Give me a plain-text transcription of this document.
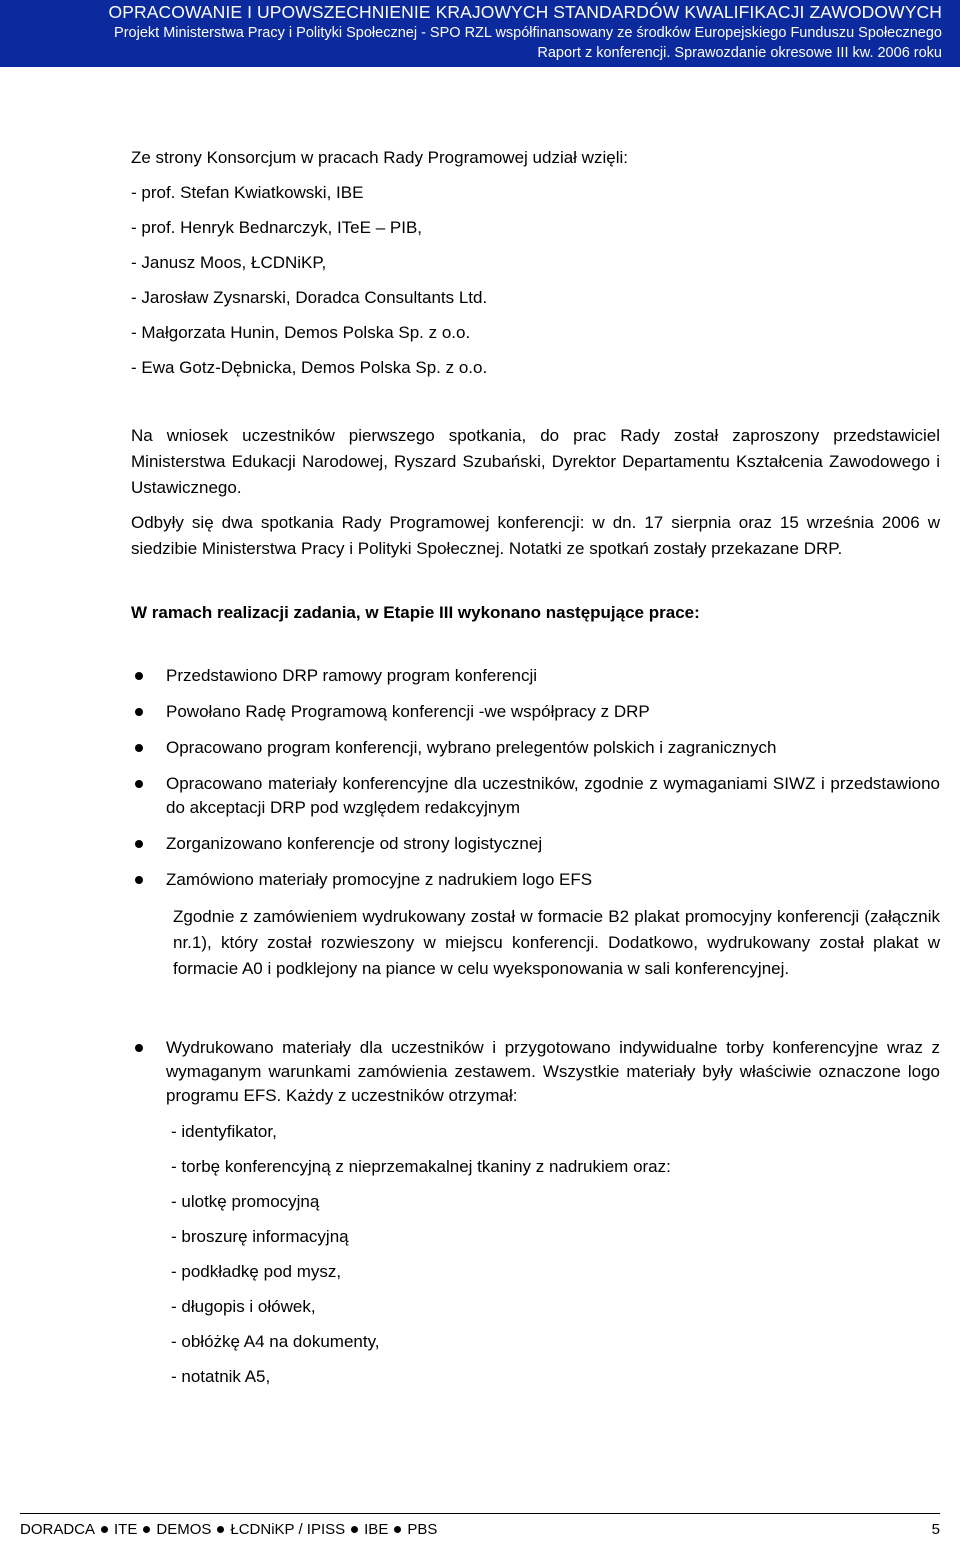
OPRACOWANIE I UPOWSZECHNIENIE KRAJOWYCH STANDARDÓW KWALIFIKACJI ZAWODOWYCH
Projekt Ministerstwa Pracy i Polityki Społecznej - SPO RZL współfinansowany ze środków Europejskiego Funduszu Społecznego
Raport z konferencji. Sprawozdanie okresowe III kw. 2006 roku

Ze strony Konsorcjum w pracach Rady Programowej udział wzięli:

- prof. Stefan Kwiatkowski, IBE
- prof. Henryk Bednarczyk, ITeE – PIB,
- Janusz Moos, ŁCDNiKP,
- Jarosław Zysnarski, Doradca Consultants Ltd.
- Małgorzata Hunin, Demos Polska Sp. z o.o.
- Ewa Gotz-Dębnicka, Demos Polska Sp. z o.o.

Na wniosek uczestników pierwszego spotkania, do prac Rady został zaproszony przedstawiciel Ministerstwa Edukacji Narodowej, Ryszard Szubański, Dyrektor Departamentu Kształcenia Zawodowego i Ustawicznego.

Odbyły się dwa spotkania Rady Programowej konferencji: w dn. 17 sierpnia oraz 15 września 2006 w siedzibie Ministerstwa Pracy i Polityki Społecznej. Notatki ze spotkań zostały przekazane DRP.

W ramach realizacji zadania, w Etapie III wykonano następujące prace:

Przedstawiono DRP ramowy program konferencji
Powołano Radę Programową konferencji -we współpracy z DRP
Opracowano program konferencji, wybrano prelegentów polskich i zagranicznych
Opracowano materiały konferencyjne dla uczestników, zgodnie z wymaganiami SIWZ i przedstawiono do akceptacji DRP pod względem redakcyjnym
Zorganizowano konferencje od strony logistycznej
Zamówiono materiały promocyjne z nadrukiem logo EFS

Zgodnie z zamówieniem wydrukowany został w formacie B2 plakat promocyjny konferencji (załącznik nr.1), który został rozwieszony w miejscu konferencji. Dodatkowo, wydrukowany został plakat w formacie A0 i podklejony na piance w celu wyeksponowania w sali konferencyjnej.

Wydrukowano materiały dla uczestników i przygotowano indywidualne torby konferencyjne wraz z wymaganym warunkami zamówienia zestawem. Wszystkie materiały były właściwie oznaczone logo programu EFS. Każdy z uczestników otrzymał:
- identyfikator,
- torbę konferencyjną z nieprzemakalnej tkaniny z nadrukiem oraz:
- ulotkę promocyjną
- broszurę informacyjną
- podkładkę pod mysz,
- długopis i ołówek,
- obłóżkę A4 na dokumenty,
- notatnik A5,
DORADCA ITE DEMOS ŁCDNiKP / IPISS IBE PBS	5
